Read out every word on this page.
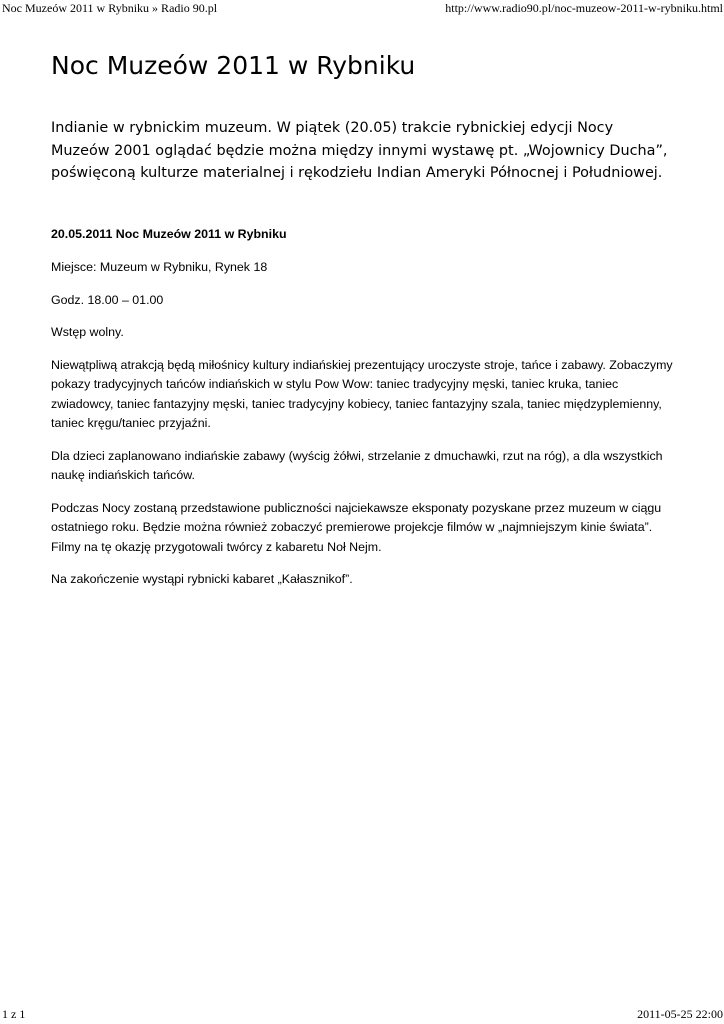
Noc Muzeów 2011 w Rybniku » Radio 90.pl	http://www.radio90.pl/noc-muzeow-2011-w-rybniku.html
Noc Muzeów 2011 w Rybniku

Indianie w rybnickim muzeum. W piątek (20.05) trakcie rybnickiej edycji Nocy Muzeów 2001 oglądać będzie można między innymi wystawę pt. „Wojownicy Ducha”, poświęconą kulturze materialnej i rękodziełu Indian Ameryki Północnej i Południowej.

20.05.2011 Noc Muzeów 2011 w Rybniku

Miejsce: Muzeum w Rybniku, Rynek 18

Godz. 18.00 – 01.00

Wstęp wolny.

Niewątpliwą atrakcją będą miłośnicy kultury indiańskiej prezentujący uroczyste stroje, tańce i zabawy. Zobaczymy pokazy tradycyjnych tańców indiańskich w stylu Pow Wow: taniec tradycyjny męski, taniec kruka, taniec zwiadowcy, taniec fantazyjny męski, taniec tradycyjny kobiecy, taniec fantazyjny szala, taniec międzyplemienny, taniec kręgu/taniec przyjaźni.

Dla dzieci zaplanowano indiańskie zabawy (wyścig żółwi, strzelanie z dmuchawki, rzut na róg), a dla wszystkich naukę indiańskich tańców.

Podczas Nocy zostaną przedstawione publiczności najciekawsze eksponaty pozyskane przez muzeum w ciągu ostatniego roku. Będzie można również zobaczyć premierowe projekcje filmów w „najmniejszym kinie świata”. Filmy na tę okazję przygotowali twórcy z kabaretu Noł Nejm.

Na zakończenie wystąpi rybnicki kabaret „Kałasznikof”.

1 z 1	2011-05-25 22:00
